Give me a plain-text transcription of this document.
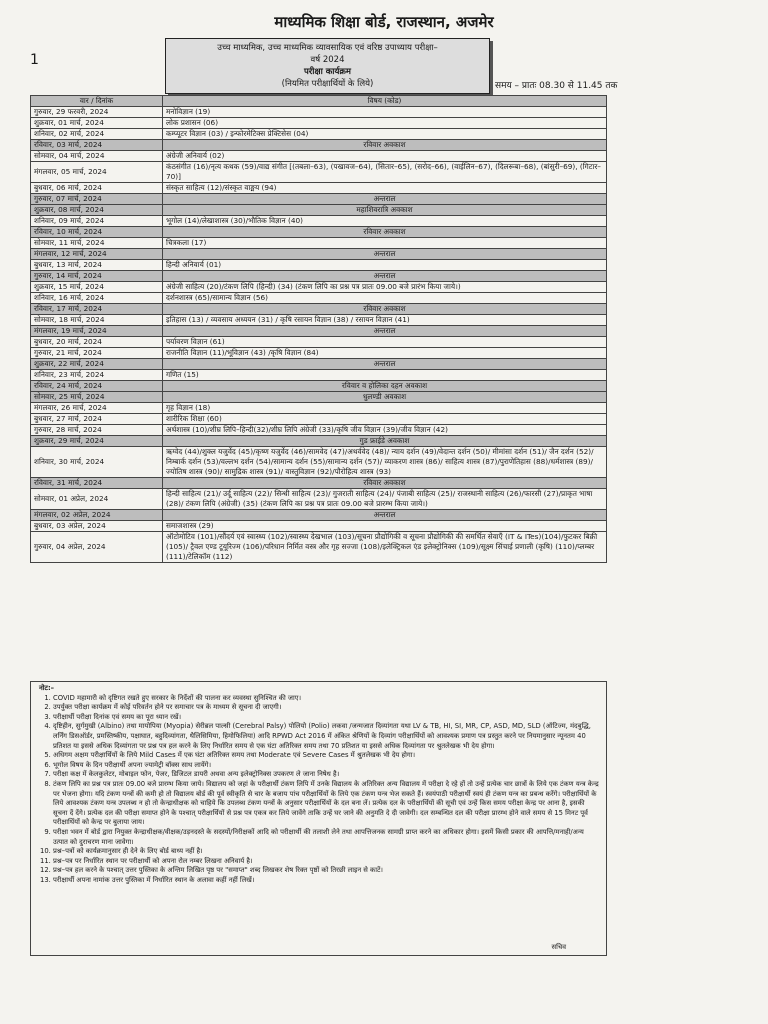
माध्यमिक शिक्षा बोर्ड, राजस्थान, अजमेर
1
उच्च माध्यमिक, उच्च माध्यमिक व्यावसायिक एवं वरिष्ठ उपाध्याय परीक्षा–
वर्ष 2024
परीक्षा कार्यक्रम
(नियमित परीक्षार्थियों के लिये)	समय – प्रातः 08.30 से 11.45 तक
वार / दिनांक	विषय (कोड)
गुरुवार, 29 फरवरी, 2024	मनोविज्ञान (19)
शुक्रवार, 01 मार्च, 2024	लोक प्रशासन (06)
शनिवार, 02 मार्च, 2024	कम्प्यूटर विज्ञान (03) / इन्फोरमेटिक्स प्रेक्टिसेस (04)
रविवार, 03 मार्च, 2024	रविवार अवकाश
सोमवार, 04 मार्च, 2024	अंग्रेजी अनिवार्य (02)
मंगलवार, 05 मार्च, 2024	कंठसंगीत (16)/नृत्य कथक (59)/वाद्य संगीत [(तबला–63), (पखावज–64), (सितार–65), (सरोद–66), (वाईलिन–67), (दिलरूबा–68), (बांसुरी–69), (गिटार– 70)]
बुधवार, 06 मार्च, 2024	संस्कृत साहित्य (12)/संस्कृत वाङ्मय (94)
गुरुवार, 07 मार्च, 2024	अन्तराल
शुक्रवार, 08 मार्च, 2024	महाशिवरात्रि अवकाश
शनिवार, 09 मार्च, 2024	भूगोल (14)/लेखाशास्त्र (30)/भौतिक विज्ञान (40)
रविवार, 10 मार्च, 2024	रविवार अवकाश
सोमवार, 11 मार्च, 2024	चित्रकला (17)
मंगलवार, 12 मार्च, 2024	अन्तराल
बुधवार, 13 मार्च, 2024	हिन्दी अनिवार्य (01)
गुरुवार, 14 मार्च, 2024	अन्तराल
शुक्रवार, 15 मार्च, 2024	अंग्रेजी साहित्य (20)/टंकण लिपि (हिन्दी) (34) (टंकण लिपि का प्रश्न पत्र प्रातः 09.00 बजे प्रारंभ किया जाये।)
शनिवार, 16 मार्च, 2024	दर्शनशास्त्र (65)/सामान्य विज्ञान (56)
रविवार, 17 मार्च, 2024	रविवार अवकाश
सोमवार, 18 मार्च, 2024	इतिहास (13) / व्यवसाय अध्ययन (31) / कृषि रसायन विज्ञान (38) / रसायन विज्ञान (41)
मंगलवार, 19 मार्च, 2024	अन्तराल
बुधवार, 20 मार्च, 2024	पर्यावरण विज्ञान (61)
गुरुवार, 21 मार्च, 2024	राजनीति विज्ञान (11)/भूविज्ञान (43) /कृषि विज्ञान (84)
शुक्रवार, 22 मार्च, 2024	अन्तराल
शनिवार, 23 मार्च, 2024	गणित (15)
रविवार, 24 मार्च, 2024	रविवार व होलिका दहन अवकाश
सोमवार, 25 मार्च, 2024	धुलण्डी अवकाश
मंगलवार, 26 मार्च, 2024	गृह विज्ञान (18)
बुधवार, 27 मार्च, 2024	शारीरिक शिक्षा (60)
गुरुवार, 28 मार्च, 2024	अर्थशास्त्र (10)/शीघ्र लिपि–हिन्दी(32)/शीघ्र लिपि अंग्रेजी (33)/कृषि जीव विज्ञान (39)/जीव विज्ञान (42)
शुक्रवार, 29 मार्च, 2024	गुड फ्राईडे अवकाश
शनिवार, 30 मार्च, 2024	ऋग्वेद (44)/शुक्ल यजुर्वेद (45)/कृष्ण यजुर्वेद (46)/सामवेद (47)/अथर्ववेद (48)/ न्याय दर्शन (49)/वेदान्त दर्शन (50)/ मीमांसा दर्शन (51)/ जैन दर्शन (52)/ निम्बार्क दर्शन (53)/वल्लभ दर्शन (54)/सामान्य दर्शन (55)/सामान्य दर्शन (57)/ व्याकरण शास्त्र (86)/ साहित्य शास्त्र (87)/पुराणेतिहास (88)/धर्मशास्त्र (89)/ज्योतिष शास्त्र (90)/ सामुद्रिक शास्त्र (91)/ वास्तुविज्ञान (92)/पौरोहित्य शास्त्र (93)
रविवार, 31 मार्च, 2024	रविवार अवकाश
सोमवार, 01 अप्रेल, 2024	हिन्दी साहित्य (21)/ उर्दू साहित्य (22)/ सिन्धी साहित्य (23)/ गुजराती साहित्य (24)/ पंजाबी साहित्य (25)/ राजस्थानी साहित्य (26)/फारसी (27)/प्राकृत भाषा (28)/ टंकण लिपि (अंग्रेजी) (35) (टंकण लिपि का प्रश्न पत्र प्रातः 09.00 बजे प्रारम्भ किया जाये।)
मंगलवार, 02 अप्रेल, 2024	अन्तराल
बुधवार, 03 अप्रेल, 2024	समाजशास्त्र (29)
गुरुवार, 04 अप्रेल, 2024	ऑटोमोटिव (101)/सौंदर्य एवं स्वास्थ्य (102)/स्वास्थ्य देखभाल (103)/सूचना प्रौद्योगिकी व सूचना प्रौद्योगिकी की समर्थित सेवाएँ (IT & ITes)(104)/फुटकर बिक्री (105)/ ट्रैवल एण्ड टूयूरिज्म (106)/परिधान निर्मित वस्त्र और गृह सज्जा (108)/इलेक्ट्रिकल एंड इलेक्ट्रोनिक्स (109)/सूक्ष्म सिंचाई प्रणाली (कृषि) (110)/प्लम्बर (111)/टेलिकॉम (112)
नोट:–
1. COVID महामारी को दृष्टिगत रखते हुए सरकार के निर्देशों की पालना कर व्यवस्था सुनिश्चित की जाए।
2. उपर्युक्त परीक्षा कार्यक्रम में कोई परिवर्तन होने पर समाचार पत्र के माध्यम से सूचना दी जाएगी।
3. परीक्षार्थी परीक्षा दिनांक एवं समय का पूरा ध्यान रखें।
4. दृष्टिहीन, सुर्गमुखी (Albino) तथा मायोपिया (Myopia) सेरीब्रल पाल्सी (Cerebral Palsy) पोलियो (Polio) लकवा /जन्मजात दिव्यांगता यथा LV & TB, HI, SI, MR, CP, ASD, MD, SLD (ऑटिज्म, मंदबुद्धि, लर्निंग डिसऑर्डर, प्रमस्तिष्कीय, पक्षाघात, बहुदिव्यांगता, थैलिसिमिया, हिमोफिलिया) आदि RPWD Act 2016 में अंकित श्रेणियों के दिव्यांग परीक्षार्थियों को आवश्यक प्रमाण पत्र प्रस्तुत करने पर नियमानुसार न्यूनतम 40 प्रतिशत या इससे अधिक दिव्यांगता पर प्रश्न पत्र हल करने के लिए निर्धारित समय से एक घंटा अतिरिक्त समय तथा 70 प्रतिशत या इससे अधिक दिव्यांगता पर श्रुतलेखक भी देय होगा।
5. अधिगम अक्षम परीक्षार्थियों के लिये Mild Cases में एक घंटा अतिरिक्त समय तथा Moderate एवं Severe Cases में श्रुतलेखक भी देय होगा।
6. भूगोल विषय के दिन परीक्षार्थी अपना ज्यामेट्री बॉक्स साथ लायेंगे।
7. परीक्षा कक्ष में केलकुलेटर, मोबाइल फोन, पेजर, डिजिटल डायरी अथवा अन्य इलेक्ट्रोनिक्स उपकरण ले जाना निषेध है।
8. टंकण लिपि का प्रश्न पत्र प्रातः 09.00 बजे प्रारम्भ किया जाये। विद्यालय को जहां के परीक्षार्थी टंकण लिपि में उनके विद्यालय के अतिरिक्त अन्य विद्यालय में परीक्षा दे रहे हों तो उन्हें प्रत्येक चार छात्रों के लिये एक टंकण यन्त्र केन्द्र पर भेजना होगा। यदि टंकण यन्त्रों की कमी हो तो विद्यालय बोर्ड की पूर्व स्वीकृति से चार के बजाय पांच परीक्षार्थियों के लिये एक टंकण यन्त्र भेज सकते हैं। स्वयंपाठी परीक्षार्थी स्वयं ही टंकण यन्त्र का प्रबन्ध करेंगे। परीक्षार्थियों के लिये आवश्यक टंकण यन्त्र उपलब्ध न हो तो केन्द्राधीक्षक को चाहिये कि उपलब्ध टंकण यन्त्रों के अनुसार परीक्षार्थियों के दल बना लें। प्रत्येक दल के परीक्षार्थियों की सूची एवं उन्हें किस समय परीक्षा केन्द्र पर आना है, इसकी सूचना दें देंगे। प्रत्येक दल की परीक्षा समाप्त होने के पश्चात् परीक्षार्थियों से प्रश्न पत्र एकत्र कर लिये जावेंगे ताकि उन्हें घर जाने की अनुमति दे दी जावेगी। दल सम्बन्धित दल की परीक्षा प्रारम्भ होने वाले समय से 15 मिनट पूर्व परीक्षार्थियों को केन्द्र पर बुलाया जाय।
9. परीक्षा भवन में बोर्ड द्वारा नियुक्त केन्द्राधीक्षक/वीक्षक/उड़नदस्ते के सदस्यों/निरीक्षकों आदि को परीक्षार्थी की तलाशी लेने तथा आपत्तिजनक सामग्री प्राप्त करने का अधिकार होगा। इसमें किसी प्रकार की आपत्ति/मनाही/अन्य उत्पात को दुराचरण माना जावेगा।
10. प्रश्न–पत्रों को कार्यक्रमानुसार ही देने के लिए बोर्ड बाध्य नहीं है।
11. प्रश्न–पत्र पर निर्धारित स्थान पर परीक्षार्थी को अपना रोल नम्बर लिखना अनिवार्य है।
12. प्रश्न–पत्र हल करने के पश्चात् उत्तर पुस्तिका के अन्तिम लिखित पृष्ठ पर "समाप्त" शब्द लिखकर शेष रिक्त पृष्ठों को तिरछी लाइन से काटें।
13. परीक्षार्थी अपना नामांक उत्तर पुस्तिका में निर्धारित स्थान के अलावा कहीं नहीं लिखें।
सचिव
